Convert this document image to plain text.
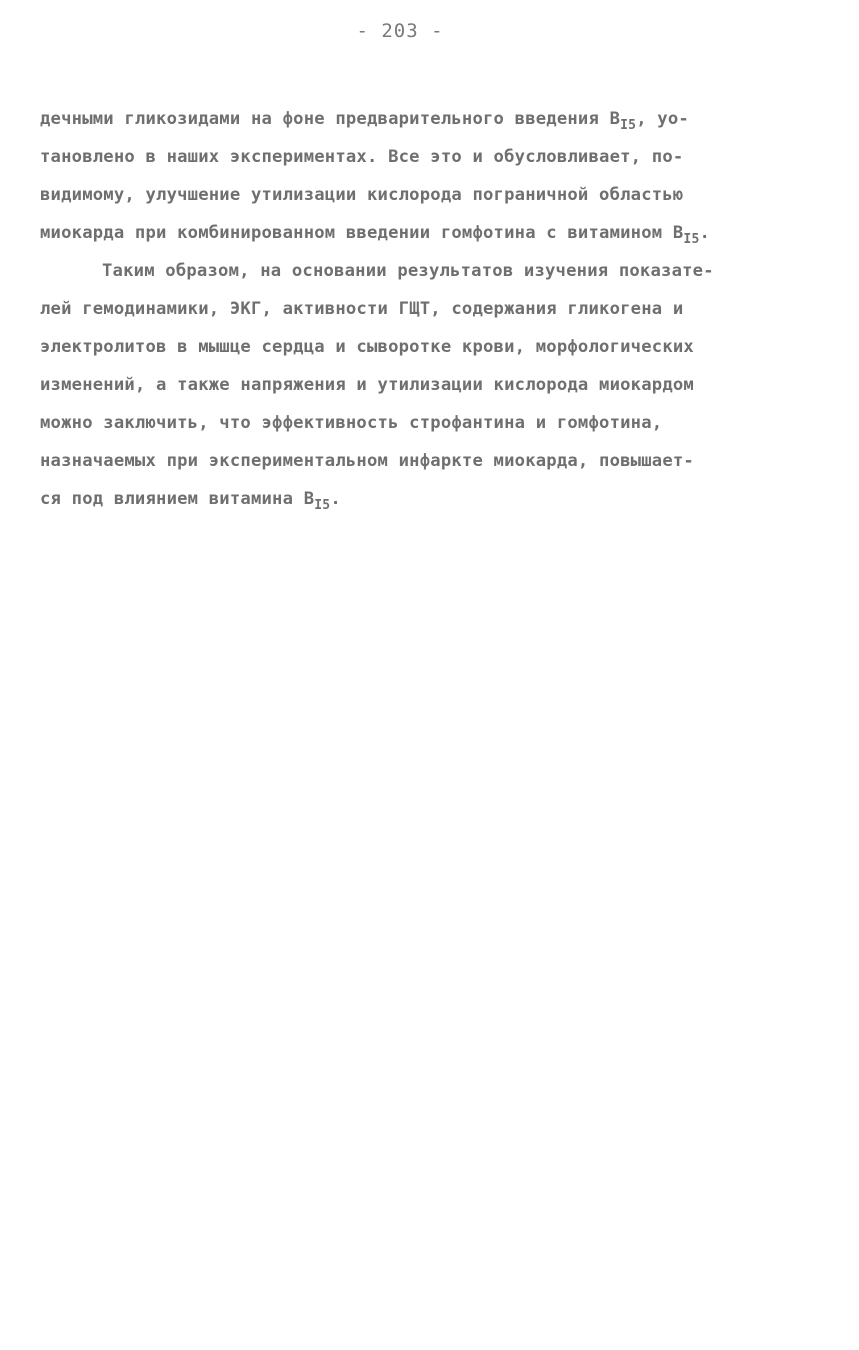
- 203 -
дечными гликозидами на фоне предварительного введения $B_{I5}$, уо-
тановлено в наших экспериментах. Все это и обусловливает, по-
видимому, улучшение утилизации кислорода пограничной областью
миокарда при комбинированном введении гомфотина с витамином $B_{I5}$.
Таким образом, на основании результатов изучения показате-
лей гемодинамики, ЭКГ, активности ГЩТ, содержания гликогена и
электролитов в мышце сердца и сыворотке крови, морфологических
изменений, а также напряжения и утилизации кислорода миокардом
можно заключить, что эффективность строфантина и гомфотина,
назначаемых при экспериментальном инфаркте миокарда, повышает-
ся под влиянием витамина $B_{I5}$.
